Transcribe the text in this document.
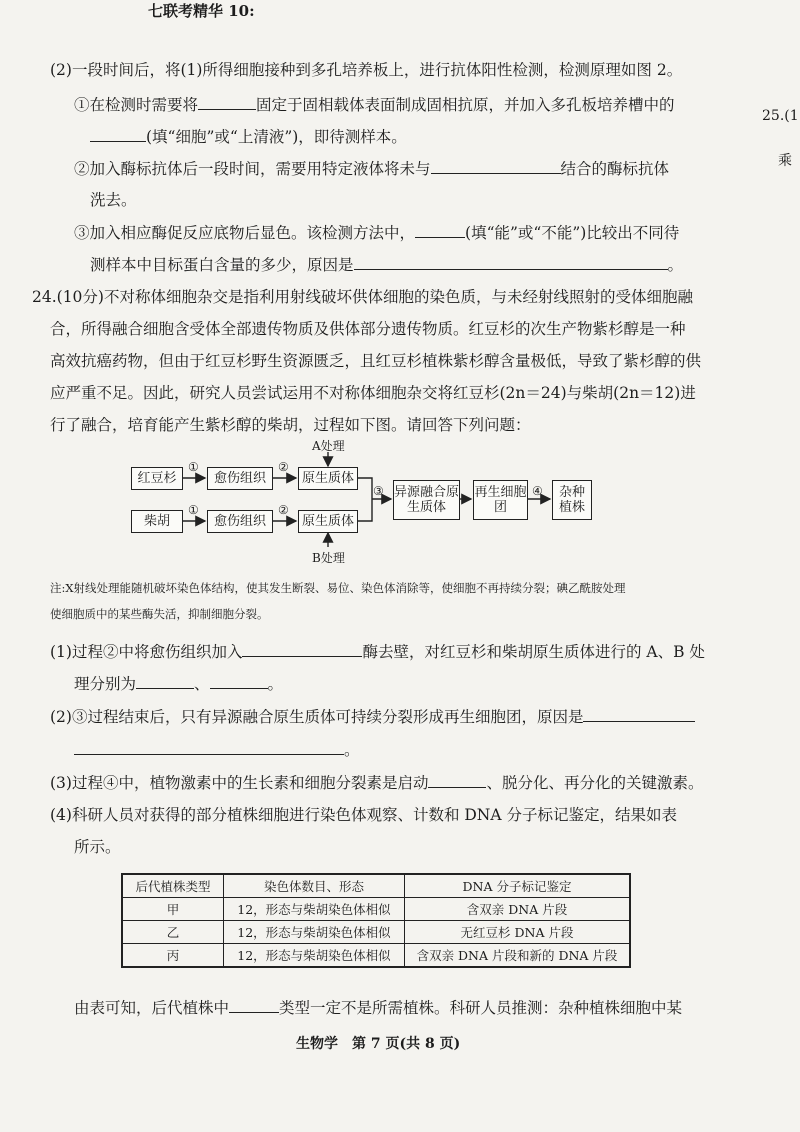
七联考精华 10:
25.(1
乘
(2)一段时间后，将(1)所得细胞接种到多孔培养板上，进行抗体阳性检测，检测原理如图 2。
①在检测时需要将	固定于固相载体表面制成固相抗原，并加入多孔板培养槽中的
(填“细胞”或“上清液”)，即待测样本。
②加入酶标抗体后一段时间，需要用特定液体将未与	结合的酶标抗体
洗去。
③加入相应酶促反应底物后显色。该检测方法中，	(填“能”或“不能”)比较出不同待
测样本中目标蛋白含量的多少，原因是	。
24.(10分)不对称体细胞杂交是指利用射线破坏供体细胞的染色质，与未经射线照射的受体细胞融
合，所得融合细胞含受体全部遗传物质及供体部分遗传物质。红豆杉的次生产物紫杉醇是一种
高效抗癌药物，但由于红豆杉野生资源匮乏，且红豆杉植株紫杉醇含量极低，导致了紫杉醇的供
应严重不足。因此，研究人员尝试运用不对称体细胞杂交将红豆杉(2n＝24)与柴胡(2n＝12)进
行了融合，培育能产生紫杉醇的柴胡，过程如下图。请回答下列问题：
A处理
B处理
红豆杉	愈伤组织	原生质体
柴胡	愈伤组织	原生质体
异源融合原生质体
再生细胞团
杂种植株
①	②
①	②
③	④
注:X射线处理能随机破坏染色体结构，使其发生断裂、易位、染色体消除等，使细胞不再持续分裂；碘乙酰胺处理
使细胞质中的某些酶失活，抑制细胞分裂。
(1)过程②中将愈伤组织加入	酶去壁，对红豆杉和柴胡原生质体进行的 A、B 处
理分别为	、	。
(2)③过程结束后，只有异源融合原生质体可持续分裂形成再生细胞团，原因是
。
(3)过程④中，植物激素中的生长素和细胞分裂素是启动	、脱分化、再分化的关键激素。
(4)科研人员对获得的部分植株细胞进行染色体观察、计数和 DNA 分子标记鉴定，结果如表
所示。
后代植株类型	染色体数目、形态	DNA 分子标记鉴定
甲	12，形态与柴胡染色体相似	含双亲 DNA 片段
乙	12，形态与柴胡染色体相似	无红豆杉 DNA 片段
丙	12，形态与柴胡染色体相似	含双亲 DNA 片段和新的 DNA 片段
由表可知，后代植株中	类型一定不是所需植株。科研人员推测：杂种植株细胞中某
生物学　第 7 页(共 8 页)
